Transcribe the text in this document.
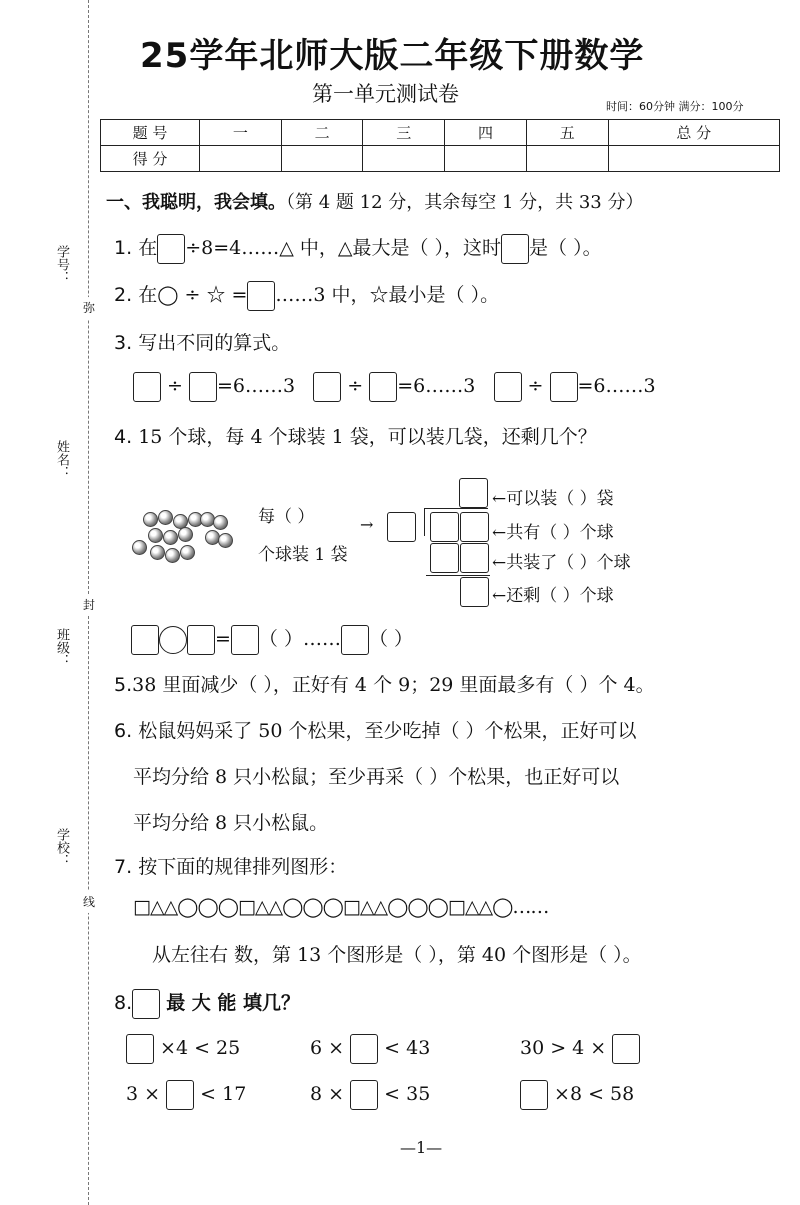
学号：
姓名：
班级：
学校：
弥
封
线
25学年北师大版二年级下册数学
第一单元测试卷
时间：60分钟 满分：100分
题 号	一	二	三	四	五	总 分
得 分						
一、我聪明，我会填。（第 4 题 12 分，其余每空 1 分，共 33 分）
1. 在 ÷8=4……△ 中，△最大是（ ），这时 是（ ）。
2. 在◯ ÷ ☆ = ……3 中，☆最小是（ ）。
3. 写出不同的算式。
÷ =6……3	÷ =6……3	÷ =6……3
4. 15 个球，每 4 个球装 1 袋，可以装几袋，还剩几个？
每（ ）
个球装 1 袋
→
←可以装（ ）袋
←共有（ ）个球
←共装了（ ）个球
←还剩（ ）个球
= （ ）…… （ ）
5.38 里面减少（ ），正好有 4 个 9；29 里面最多有（ ）个 4。
6. 松鼠妈妈采了 50 个松果，至少吃掉（ ）个松果，正好可以
平均分给 8 只小松鼠；至少再采（ ）个松果，也正好可以
平均分给 8 只小松鼠。
7. 按下面的规律排列图形：
□△△◯◯◯□△△◯◯◯□△△◯◯◯□△△◯……
从左往右 数，第 13 个图形是（ ），第 40 个图形是（ ）。
8. 最 大 能 填几？
×4 < 25	6 × < 43	30 > 4 ×
3 × < 17	8 × < 35	×8 < 58
—1—
